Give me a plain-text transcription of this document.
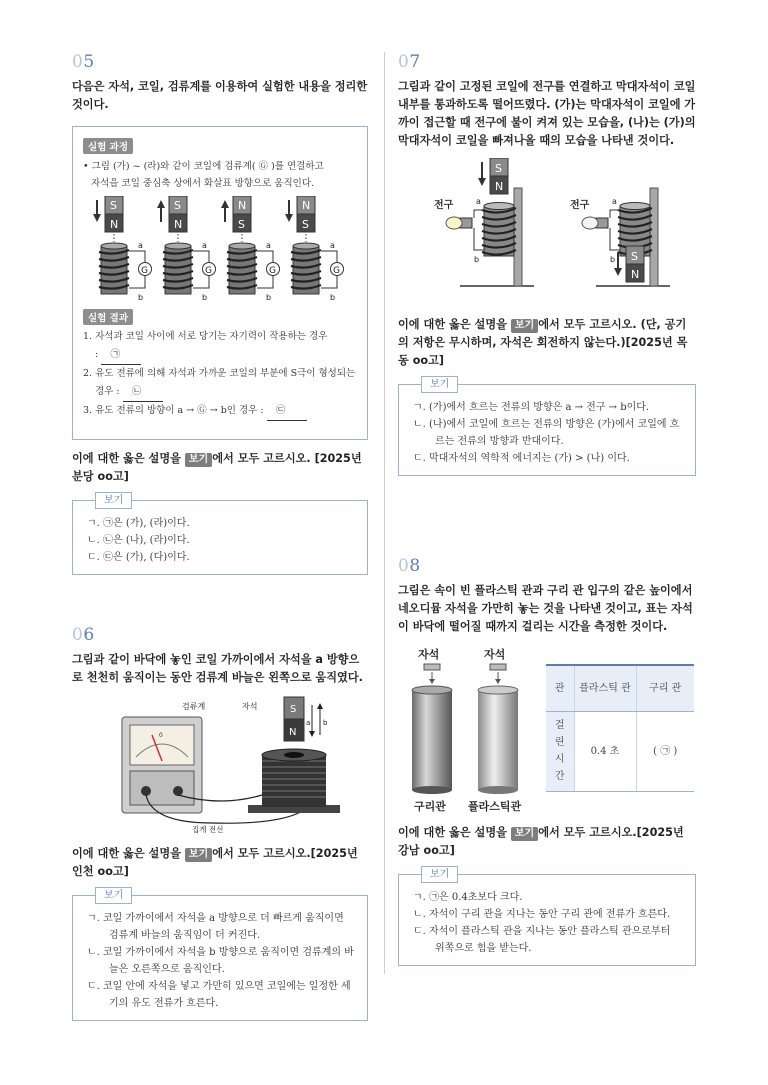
05
다음은 자석, 코일, 검류계를 이용하여 실험한 내용을 정리한 것이다.
실험 과정
• 그림 (가) ~ (라)와 같이 코일에 검류계( Ⓖ )를 연결하고
자석을 코일 중심축 상에서 화살표 방향으로 움직인다.
S
N
G
a
b
S
N
G
a
b
N
S
G
a
b
N
S
G
a
b
실험 결과
1. 자석과 코일 사이에 서로 당기는 자기력이 작용하는 경우
: ㉠
2. 유도 전류에 의해 자석과 가까운 코일의 부분에 S극이 형성되는 경우 : ㉡
3. 유도 전류의 방향이 a → Ⓖ → b인 경우 : ㉢
이에 대한 옳은 설명을 보기 에서 모두 고르시오. [2025년 분당 oo고]
보기
ㄱ. ㉠은 (가), (라)이다.
ㄴ. ㉡은 (나), (라)이다.
ㄷ. ㉢은 (가), (다)이다.
06
그림과 같이 바닥에 놓인 코일 가까이에서 자석을 a 방향으로 천천히 움직이는 동안 검류계 바늘은 왼쪽으로 움직였다.
0
검류계
집게 전선
S
N
자석
a b
이에 대한 옳은 설명을 보기 에서 모두 고르시오.[2025년 인천 oo고]
보기
ㄱ. 코일 가까이에서 자석을 a 방향으로 더 빠르게 움직이면 검류계 바늘의 움직임이 더 커진다.
ㄴ. 코일 가까이에서 자석을 b 방향으로 움직이면 검류계의 바늘은 오른쪽으로 움직인다.
ㄷ. 코일 안에 자석을 넣고 가만히 있으면 코일에는 일정한 세기의 유도 전류가 흐른다.
07
그림과 같이 고정된 코일에 전구를 연결하고 막대자석이 코일 내부를 통과하도록 떨어뜨렸다. (가)는 막대자석이 코일에 가까이 접근할 때 전구에 불이 켜져 있는 모습을, (나)는 (가)의 막대자석이 코일을 빠져나올 때의 모습을 나타낸 것이다.
전구	a
b
S
N
전구	a
b S
N
이에 대한 옳은 설명을 보기 에서 모두 고르시오. (단, 공기의 저항은 무시하며, 자석은 회전하지 않는다.)[2025년 목동 oo고]
보기
ㄱ. (가)에서 흐르는 전류의 방향은 a → 전구 → b이다.
ㄴ. (나)에서 코일에 흐르는 전류의 방향은 (가)에서 코일에 흐르는 전류의 방향과 반대이다.
ㄷ. 막대자석의 역학적 에너지는 (가) > (나) 이다.
08
그림은 속이 빈 플라스틱 관과 구리 관 입구의 같은 높이에서 네오디뮴 자석을 가만히 놓는 것을 나타낸 것이고, 표는 자석이 바닥에 떨어질 때까지 걸리는 시간을 측정한 것이다.
자석	자석
구리관 플라스틱관
관	플라스틱 관	구리 관
걸린 시간	0.4 초	( ㉠ )
이에 대한 옳은 설명을 보기 에서 모두 고르시오.[2025년 강남 oo고]
보기
ㄱ. ㉠은 0.4초보다 크다.
ㄴ. 자석이 구리 관을 지나는 동안 구리 관에 전류가 흐른다.
ㄷ. 자석이 플라스틱 관을 지나는 동안 플라스틱 관으로부터 위쪽으로 힘을 받는다.
